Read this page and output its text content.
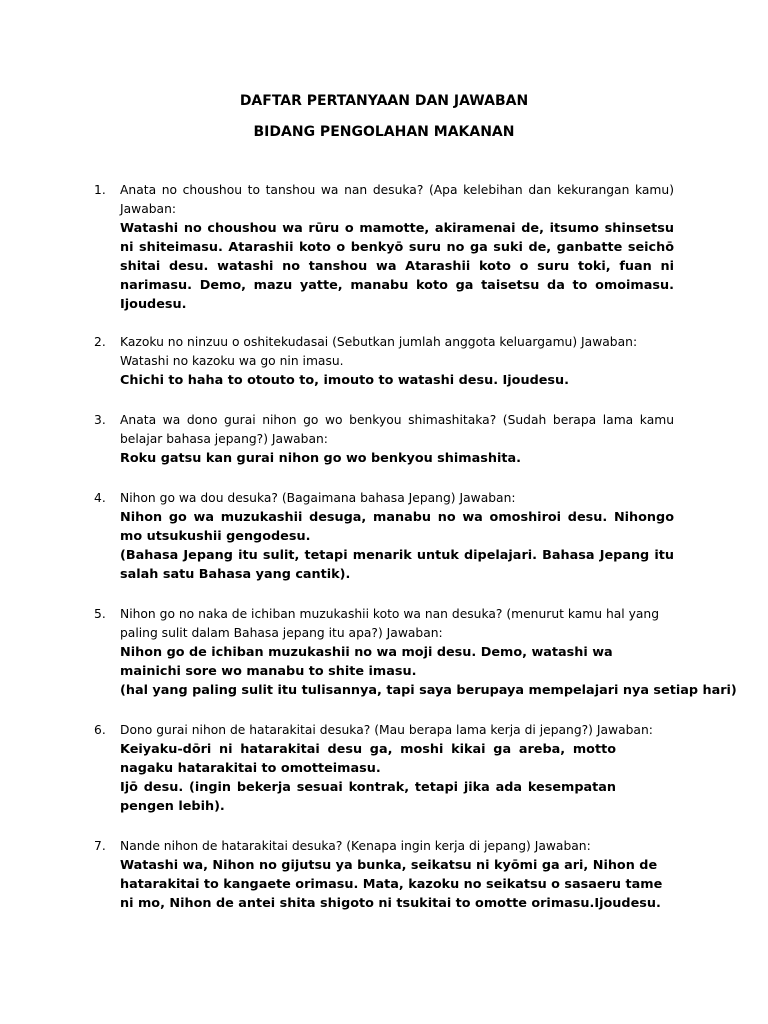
DAFTAR PERTANYAAN DAN JAWABAN
BIDANG PENGOLAHAN MAKANAN
1. Anata no choushou to tanshou wa nan desuka? (Apa kelebihan dan kekurangan kamu) Jawaban:
Watashi no choushou wa rūru o mamotte, akiramenai de, itsumo shinsetsu ni shiteimasu. Atarashii koto o benkyō suru no ga suki de, ganbatte seichō shitai desu. watashi no tanshou wa Atarashii koto o suru toki, fuan ni narimasu. Demo, mazu yatte, manabu koto ga taisetsu da to omoimasu. Ijoudesu.
2. Kazoku no ninzuu o oshitekudasai (Sebutkan jumlah anggota keluargamu) Jawaban: Watashi no kazoku wa go nin imasu.
Chichi to haha to otouto to, imouto to watashi desu. Ijoudesu.
3. Anata wa dono gurai nihon go wo benkyou shimashitaka? (Sudah berapa lama kamu belajar bahasa jepang?) Jawaban:
Roku gatsu kan gurai nihon go wo benkyou shimashita.
4. Nihon go wa dou desuka? (Bagaimana bahasa Jepang) Jawaban:
Nihon go wa muzukashii desuga, manabu no wa omoshiroi desu. Nihongo mo utsukushii gengodesu.
(Bahasa Jepang itu sulit, tetapi menarik untuk dipelajari. Bahasa Jepang itu salah satu Bahasa yang cantik).
5. Nihon go no naka de ichiban muzukashii koto wa nan desuka? (menurut kamu hal yang paling sulit dalam Bahasa jepang itu apa?) Jawaban:
Nihon go de ichiban muzukashii no wa moji desu. Demo, watashi wa mainichi sore wo manabu to shite imasu.
(hal yang paling sulit itu tulisannya, tapi saya berupaya mempelajari nya setiap hari)
6. Dono gurai nihon de hatarakitai desuka? (Mau berapa lama kerja di jepang?) Jawaban:
Keiyaku-dōri ni hatarakitai desu ga, moshi kikai ga areba, motto nagaku hatarakitai to omotteimasu.
Ijō desu. (ingin bekerja sesuai kontrak, tetapi jika ada kesempatan pengen lebih).
7. Nande nihon de hatarakitai desuka? (Kenapa ingin kerja di jepang) Jawaban:
Watashi wa, Nihon no gijutsu ya bunka, seikatsu ni kyōmi ga ari, Nihon de hatarakitai to kangaete orimasu. Mata, kazoku no seikatsu o sasaeru tame ni mo, Nihon de antei shita shigoto ni tsukitai to omotte orimasu.Ijoudesu.
